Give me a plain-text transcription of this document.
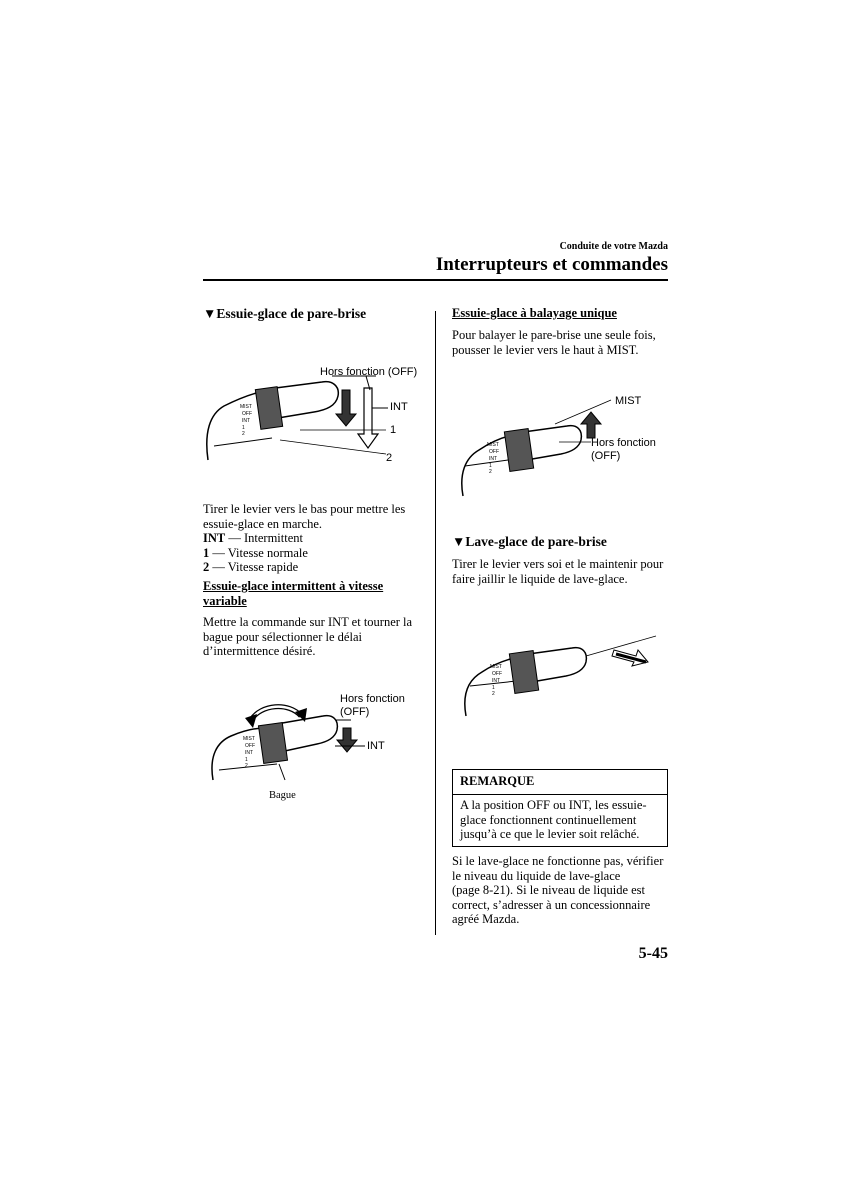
Conduite de votre Mazda
Interrupteurs et commandes
▼Essuie-glace de pare-brise
MIST
OFF
INT
1
2
Hors fonction (OFF)
INT
1
2
Tirer le levier vers le bas pour mettre les
essuie-glace en marche.
INT — Intermittent
1 — Vitesse normale
2 — Vitesse rapide
Essuie-glace intermittent à vitesse
variable
Mettre la commande sur INT et tourner la
bague pour sélectionner le délai
d’intermittence désiré.
MIST
OFF
INT
1
2
Hors fonction
(OFF)
INT
Bague
Essuie-glace à balayage unique
Pour balayer le pare-brise une seule fois,
pousser le levier vers le haut à MIST.
MIST
OFF
INT
1
2
MIST
Hors fonction
(OFF)
▼Lave-glace de pare-brise
Tirer le levier vers soi et le maintenir pour
faire jaillir le liquide de lave-glace.
MIST
OFF
INT
1
2
REMARQUE
A la position OFF ou INT, les essuie-
glace fonctionnent continuellement
jusqu’à ce que le levier soit relâché.
Si le lave-glace ne fonctionne pas, vérifier
le niveau du liquide de lave-glace
(page 8-21). Si le niveau de liquide est
correct, s’adresser à un concessionnaire
agréé Mazda.
5-45
